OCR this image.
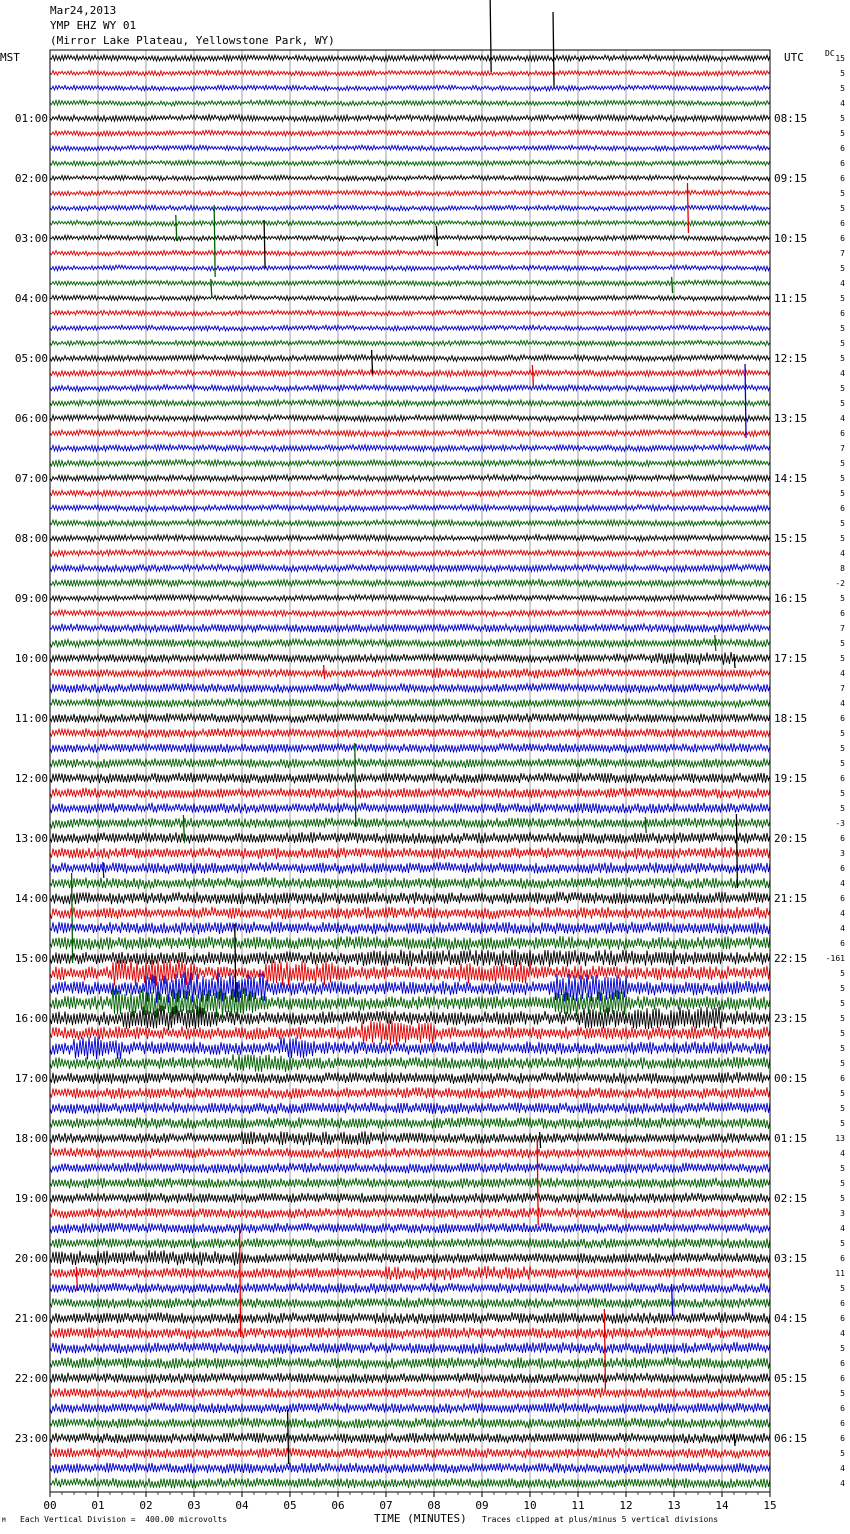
Mar24,2013
YMP EHZ WY 01
(Mirror Lake Plateau, Yellowstone Park, WY)
00	01	02	03	04	05	06	07	08	09	10	11	12	13	14	15
01:00
02:00
03:00
04:00
05:00
06:00
07:00
08:00
09:00
10:00
11:00
12:00
13:00
14:00
15:00
16:00
17:00
18:00
19:00
20:00
21:00
22:00
23:00
08:15
09:15
10:15
11:15
12:15
13:15
14:15
15:15
16:15
17:15
18:15
19:15
20:15
21:15
22:15
23:15
00:15
01:15
02:15
03:15
04:15
05:15
06:15
15
5
5
4
5
5
6
6
6
5
5
6
6
7
5
4
5
6
5
5
5
4
5
5
4
6
7
5
5
5
6
5
5
4
8
-2
5
6
7
5
5
4
7
4
6
5
5
5
6
5
5
-3
6
3
6
4
6
4
4
6
-161
5
5
5
5
5
5
5
6
5
5
5
13
4
5
5
5
3
4
5
6
11
5
6
6
4
5
6
6
5
6
6
6
5
4
4
MST	UTC	DC
TIME (MINUTES)
M Each Vertical Division =  400.00 microvolts	Traces clipped at plus/minus 5 vertical divisions
